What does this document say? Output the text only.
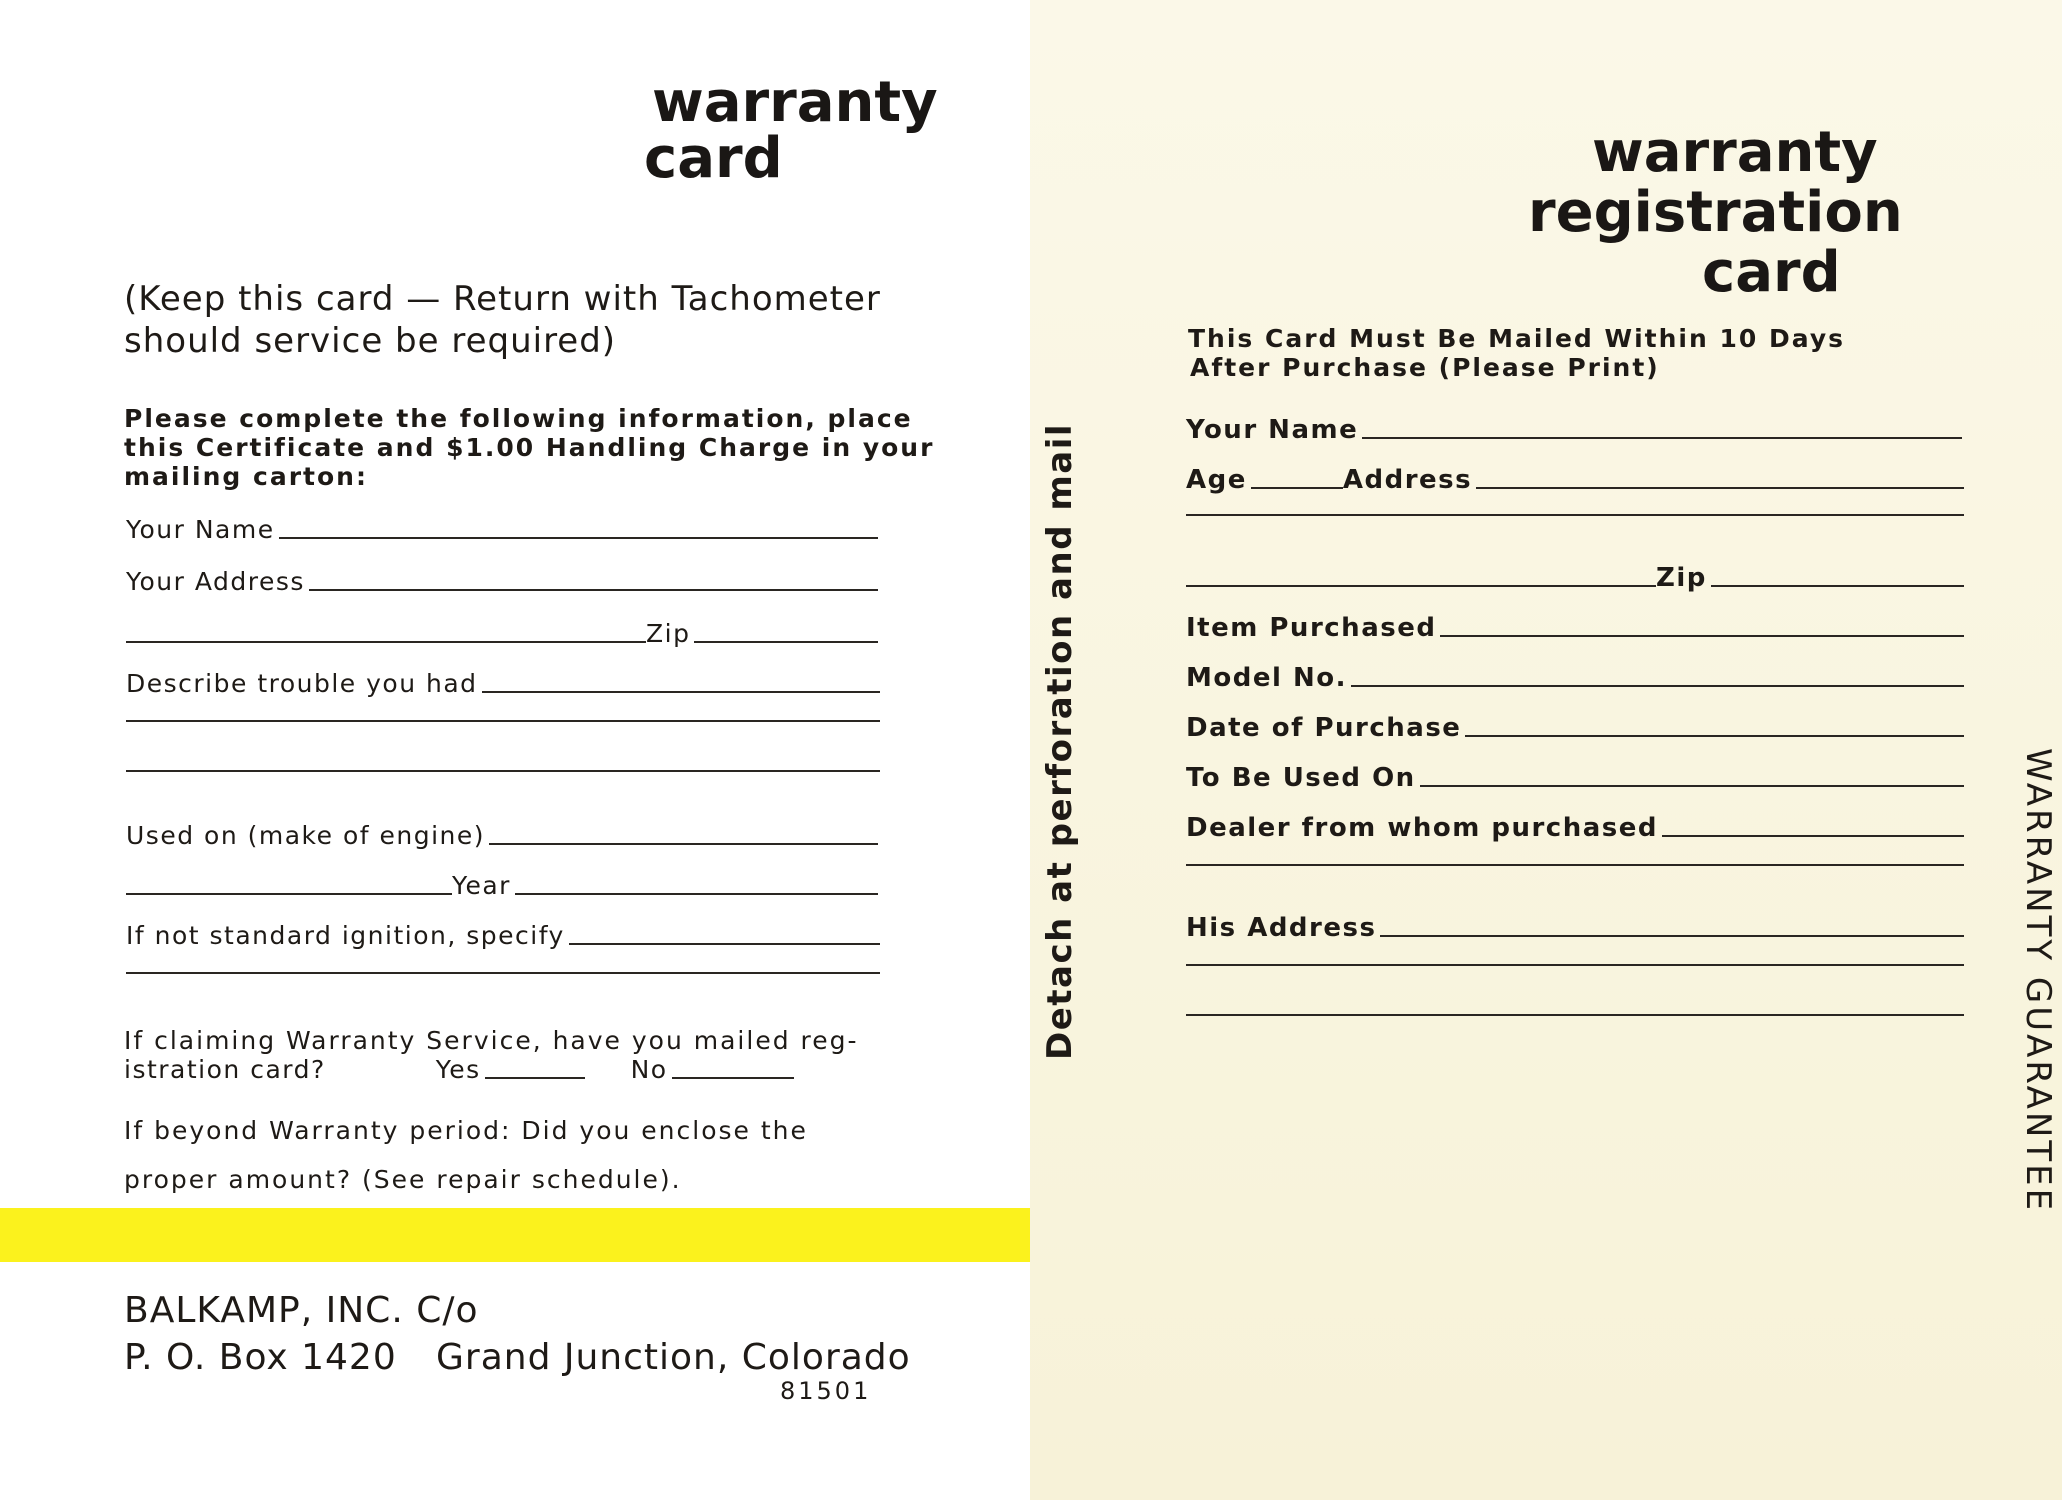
warranty
card
(Keep this card — Return with Tachometer
should service be required)
Please complete the following information, place
this Certificate and $1.00 Handling Charge in your
mailing carton:
Your Name
Your Address
Zip
Describe trouble you had
Used on (make of engine)
Year
If not standard ignition, specify
If claiming Warranty Service, have you mailed reg-
istration card?	Yes	No
If beyond Warranty period: Did you enclose the
proper amount? (See repair schedule).
BALKAMP, INC. C/o
P. O. Box 1420 Grand Junction, Colorado
81501
warranty
registration
card
This Card Must Be Mailed Within 10 Days
After Purchase (Please Print)
Your Name
Age	Address
Zip
Item Purchased
Model No.
Date of Purchase
To Be Used On
Dealer from whom purchased
His Address
Detach at perforation and mail	WARRANTY GUARANTEE
